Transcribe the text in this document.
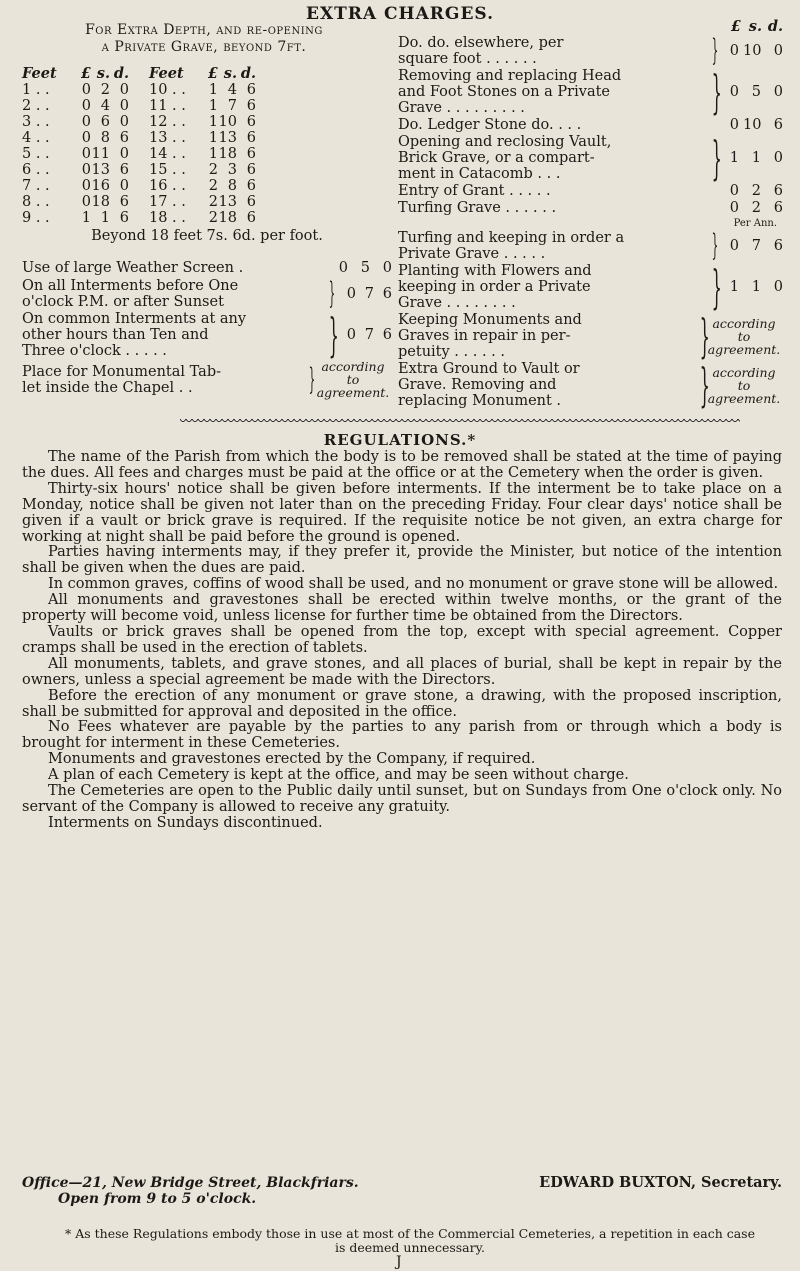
EXTRA CHARGES.
For Extra Depth, and re-opening
a Private Grave, beyond 7ft.
Feet	£	s.	d.
1 . .	0	2	0
2 . .	0	4	0
3 . .	0	6	0
4 . .	0	8	6
5 . .	0	11	0
6 . .	0	13	6
7 . .	0	16	0
8 . .	0	18	6
9 . .	1	1	6
Feet	£	s.	d.
10 . .	1	4	6
11 . .	1	7	6
12 . .	1	10	6
13 . .	1	13	6
14 . .	1	18	6
15 . .	2	3	6
16 . .	2	8	6
17 . .	2	13	6
18 . .	2	18	6
Beyond 18 feet 7s. 6d. per foot.
Use of large Weather Screen .	0 5 0
On all Interments before One
o'clock P.M. or after Sunset	} 0 7 6
On common Interments at any
other hours than Ten and
Three o'clock . . . . .	} 0 7 6
Place for Monumental Tab-
let inside the Chapel . .	} according to
agreement.
£ s. d.
Do. do. elsewhere, per
square foot . . . . . .	} 0 10 0
Removing and replacing Head
and Foot Stones on a Private
Grave . . . . . . . . .	} 0 5 0
Do. Ledger Stone do. . . .	0 10 6
Opening and reclosing Vault,
Brick Grave, or a compart-
ment in Catacomb . . .	} 1 1 0
Entry of Grant . . . . .	0 2 6
Turfing Grave . . . . . .	0 2 6
Per Ann.
Turfing and keeping in order a
Private Grave . . . . .	} 0 7 6
Planting with Flowers and
keeping in order a Private
Grave . . . . . . . .	} 1 1 0
Keeping Monuments and
Graves in repair in per-
petuity . . . . . .	} according to
agreement.
Extra Ground to Vault or
Grave. Removing and
replacing Monument .	} according to
agreement.
REGULATIONS.*

The name of the Parish from which the body is to be removed shall be stated at the time of paying the dues. All fees and charges must be paid at the office or at the Cemetery when the order is given.

Thirty-six hours' notice shall be given before interments. If the interment be to take place on a Monday, notice shall be given not later than on the preceding Friday. Four clear days' notice shall be given if a vault or brick grave is required. If the requisite notice be not given, an extra charge for working at night shall be paid before the ground is opened.

Parties having interments may, if they prefer it, provide the Minister, but notice of the intention shall be given when the dues are paid.

In common graves, coffins of wood shall be used, and no monument or grave stone will be allowed.

All monuments and gravestones shall be erected within twelve months, or the grant of the property will become void, unless license for further time be obtained from the Directors.

Vaults or brick graves shall be opened from the top, except with special agreement. Copper cramps shall be used in the erection of tablets.

All monuments, tablets, and grave stones, and all places of burial, shall be kept in repair by the owners, unless a special agreement be made with the Directors.

Before the erection of any monument or grave stone, a drawing, with the proposed inscription, shall be submitted for approval and deposited in the office.

No Fees whatever are payable by the parties to any parish from or through which a body is brought for interment in these Cemeteries.

Monuments and gravestones erected by the Company, if required.

A plan of each Cemetery is kept at the office, and may be seen without charge.

The Cemeteries are open to the Public daily until sunset, but on Sundays from One o'clock only. No servant of the Company is allowed to receive any gratuity.

Interments on Sundays discontinued.

Office—21, New Bridge Street, Blackfriars.	EDWARD BUXTON, Secretary.
Open from 9 to 5 o'clock.
* As these Regulations embody those in use at most of the Commercial Cemeteries, a repetition in each case is deemed unnecessary.
J
